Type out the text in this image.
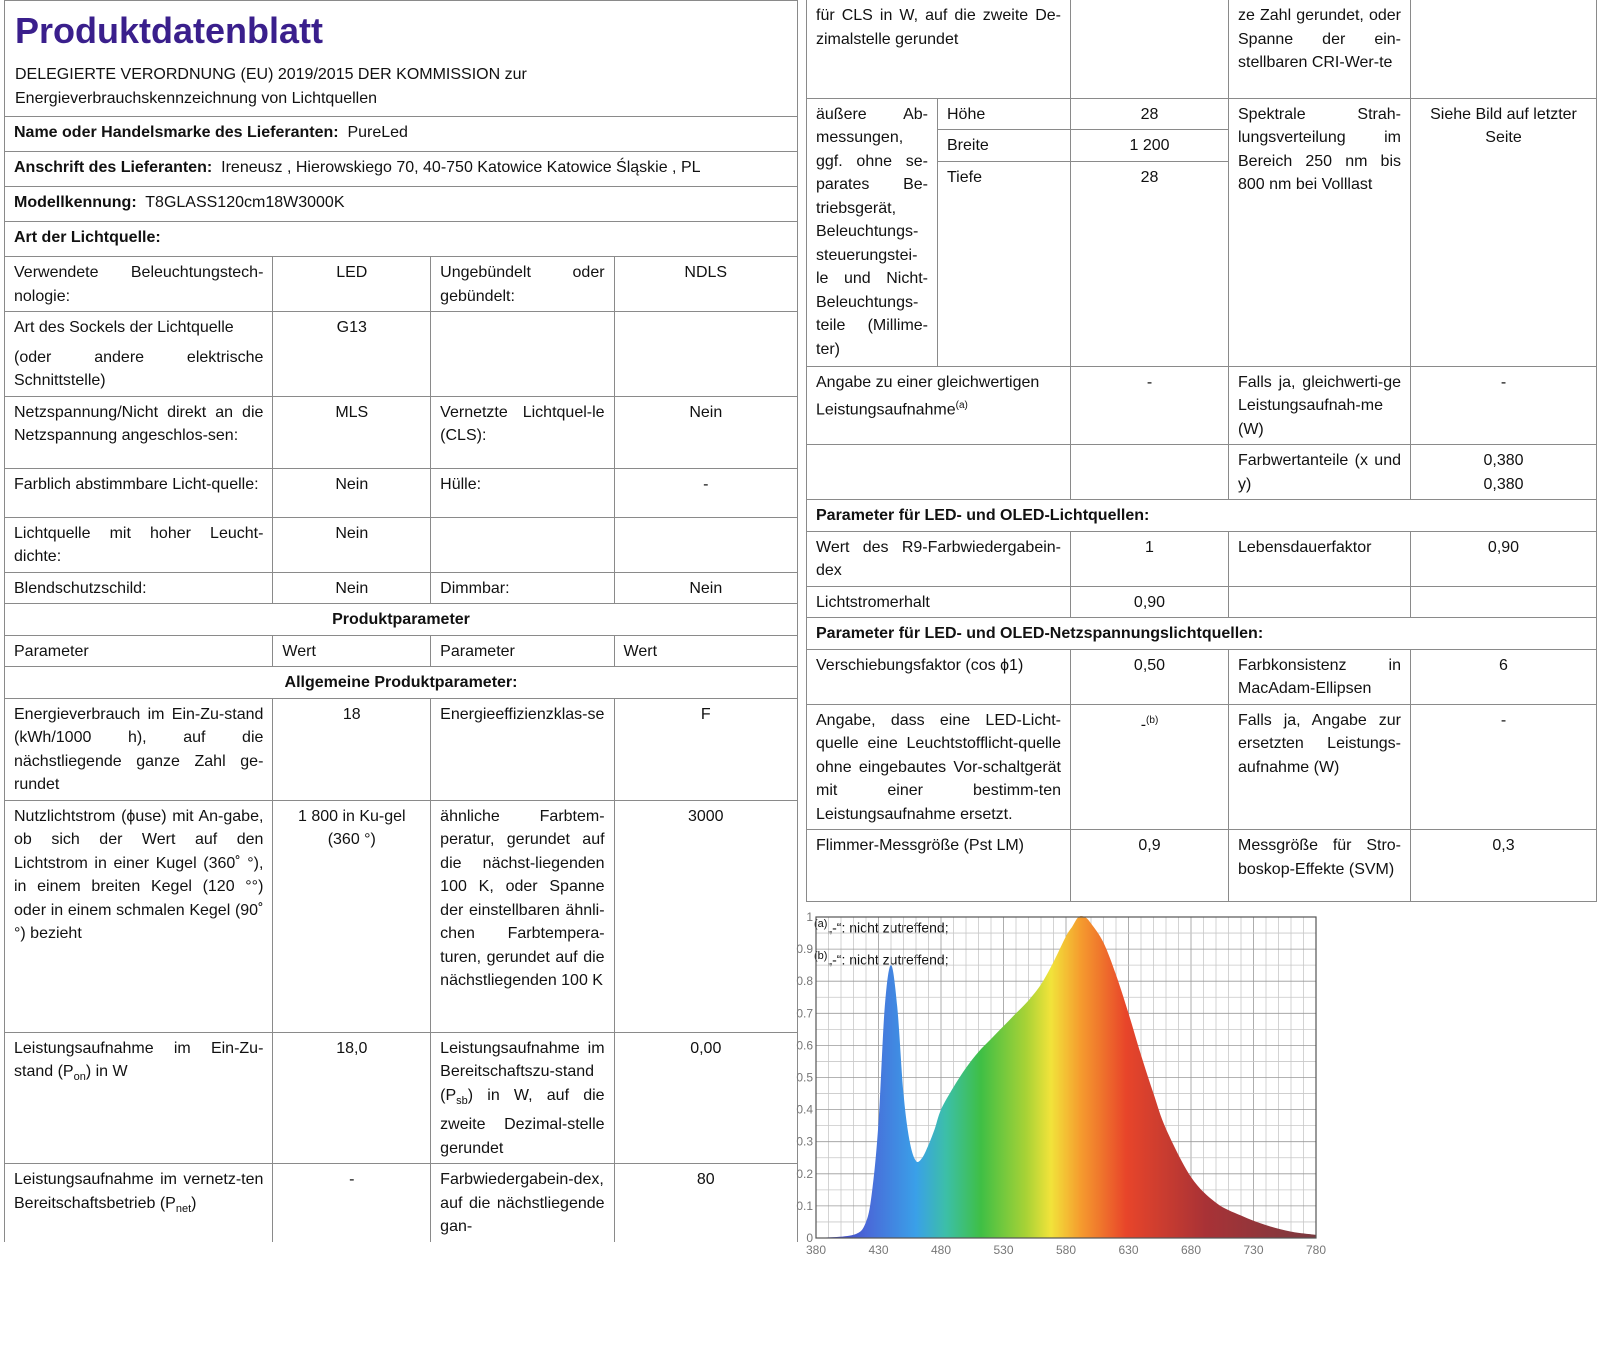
Produktdatenblatt
DELEGIERTE VERORDNUNG (EU) 2019/2015 DER KOMMISSION zur
Energieverbrauchskennzeichnung von Lichtquellen			

Name oder Handelsmarke des Lieferanten: PureLed			
Anschrift des Lieferanten: Ireneusz , Hierowskiego 70, 40-750 Katowice Katowice Śląskie , PL			
Modellkennung: T8GLASS120cm18W3000K			
Art der Lichtquelle:			
Verwendete Beleuchtungstech-nologie:	LED	Ungebündelt oder gebündelt:	NDLS

Art des Sockels der Lichtquelle
(oder andere elektrische Schnittstelle)	G13		
Netzspannung/Nicht direkt an die Netzspannung angeschlos-sen:	MLS	Vernetzte Lichtquel-le (CLS):	Nein
Farblich abstimmbare Licht-quelle:	Nein	Hülle:	-
Lichtquelle mit hoher Leucht-dichte:	Nein		
Blendschutzschild:	Nein	Dimmbar:	Nein
Produktparameter			
Parameter	Wert	Parameter	Wert
Allgemeine Produktparameter:			
Energieverbrauch im Ein-Zu-stand (kWh/1000 h), auf die nächstliegende ganze Zahl ge-rundet	18	Energieeffizienzklas-se	F
Nutzlichtstrom (ϕuse) mit An-gabe, ob sich der Wert auf den Lichtstrom in einer Kugel (360˚ °), in einem breiten Kegel (120 °°) oder in einem schmalen Kegel (90˚ °) bezieht	1 800 in Ku-gel (360 °)	ähnliche Farbtem-peratur, gerundet auf die nächst-liegenden 100 K, oder Spanne der einstellbaren ähnli-chen Farbtempera-turen, gerundet auf die nächstliegenden 100 K	3000
Leistungsaufnahme im Ein-Zu-stand $(P_{on})$ in W	18,0	Leistungsaufnahme im Bereitschaftszu-stand $(P_{sb})$ in W, auf die zweite Dezimal-stelle gerundet	0,00
Leistungsaufnahme im vernetz-ten Bereitschaftsbetrieb $(P_{net})$	-	Farbwiedergabein-dex, auf die nächstliegende gan-	80
für CLS in W, auf die zweite De-zimalstelle gerundet			ze Zahl gerundet, oder Spanne der ein-stellbaren CRI-Wer-te	
äußere Ab-messungen, ggf. ohne se-parates Be-triebsgerät, Beleuchtungs-steuerungstei-le und Nicht-Beleuchtungs-teile (Millime-ter)	Höhe	28	Spektrale Strah-lungsverteilung im Bereich 250 nm bis 800 nm bei Volllast	Siehe Bild auf letzter Seite
	Breite	1 200		
	Tiefe	28		
Angabe zu einer gleichwertigen Leistungsaufnahme$^{(a)}$		-	Falls ja, gleichwerti-ge Leistungsaufnah-me (W)	-
			Farbwertanteile (x und y)	0,380
0,380

Parameter für LED- und OLED-Lichtquellen:				
Wert des R9-Farbwiedergabein-dex		1	Lebensdauerfaktor	0,90
Lichtstromerhalt		0,90		
Parameter für LED- und OLED-Netzspannungslichtquellen:				
Verschiebungsfaktor (cos ϕ1)		0,50	Farbkonsistenz in MacAdam-Ellipsen	6
Angabe, dass eine LED-Licht-quelle eine Leuchtstofflicht-quelle ohne eingebautes Vor-schaltgerät mit einer bestimm-ten Leistungsaufnahme ersetzt.		-$^{(b)}$	Falls ja, Angabe zur ersetzten Leistungs-aufnahme (W)	-
Flimmer-Messgröße (Pst LM)		0,9	Messgröße für Stro-boskop-Effekte (SVM)	0,3
$^{(a)}$„-“: nicht zutreffend;
$^{(b)}$„-“: nicht zutreffend;
380	430	480	530	580	630	680	730	780
0
0.1
0.2
0.3
0.4
0.5
0.6
0.7
0.8
0.9
1
